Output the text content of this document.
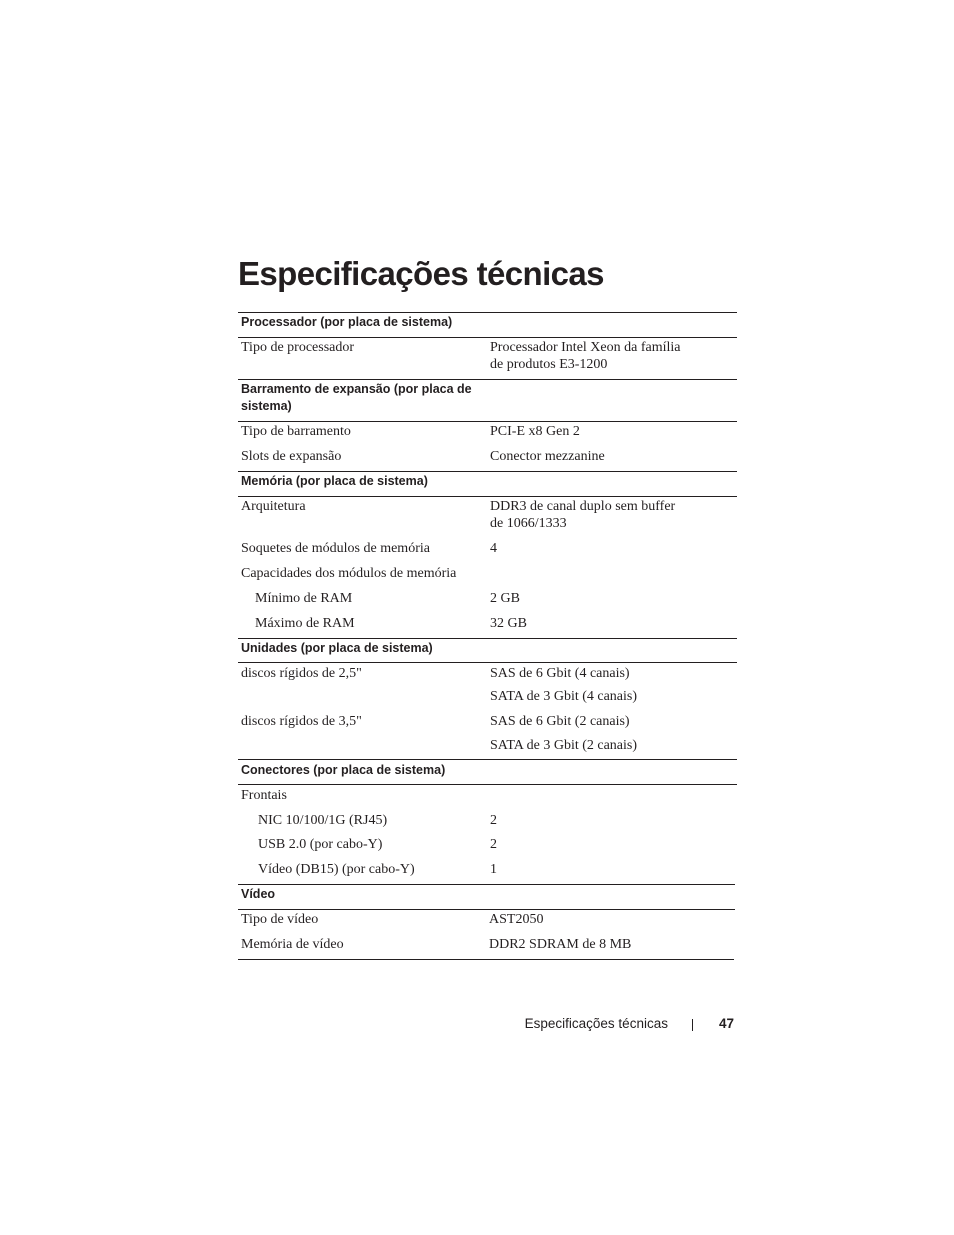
Especificações técnicas
Processador (por placa de sistema)
Tipo de processador	Processador Intel Xeon da família
de produtos E3-1200
Barramento de expansão (por placa de
sistema)
Tipo de barramento	PCI-E x8 Gen 2
Slots de expansão	Conector mezzanine
Memória (por placa de sistema)
Arquitetura	DDR3 de canal duplo sem buffer
de 1066/1333
Soquetes de módulos de memória	4
Capacidades dos módulos de memória
Mínimo de RAM	2 GB
Máximo de RAM	32 GB
Unidades (por placa de sistema)
discos rígidos de 2,5"	SAS de 6 Gbit (4 canais)
SATA de 3 Gbit (4 canais)
discos rígidos de 3,5"	SAS de 6 Gbit (2 canais)
SATA de 3 Gbit (2 canais)
Conectores (por placa de sistema)
Frontais
NIC 10/100/1G (RJ45)	2
USB 2.0 (por cabo-Y)	2
Vídeo (DB15) (por cabo-Y)	1
Vídeo
Tipo de vídeo	AST2050
Memória de vídeo	DDR2 SDRAM de 8 MB
Especificações técnicas	47
